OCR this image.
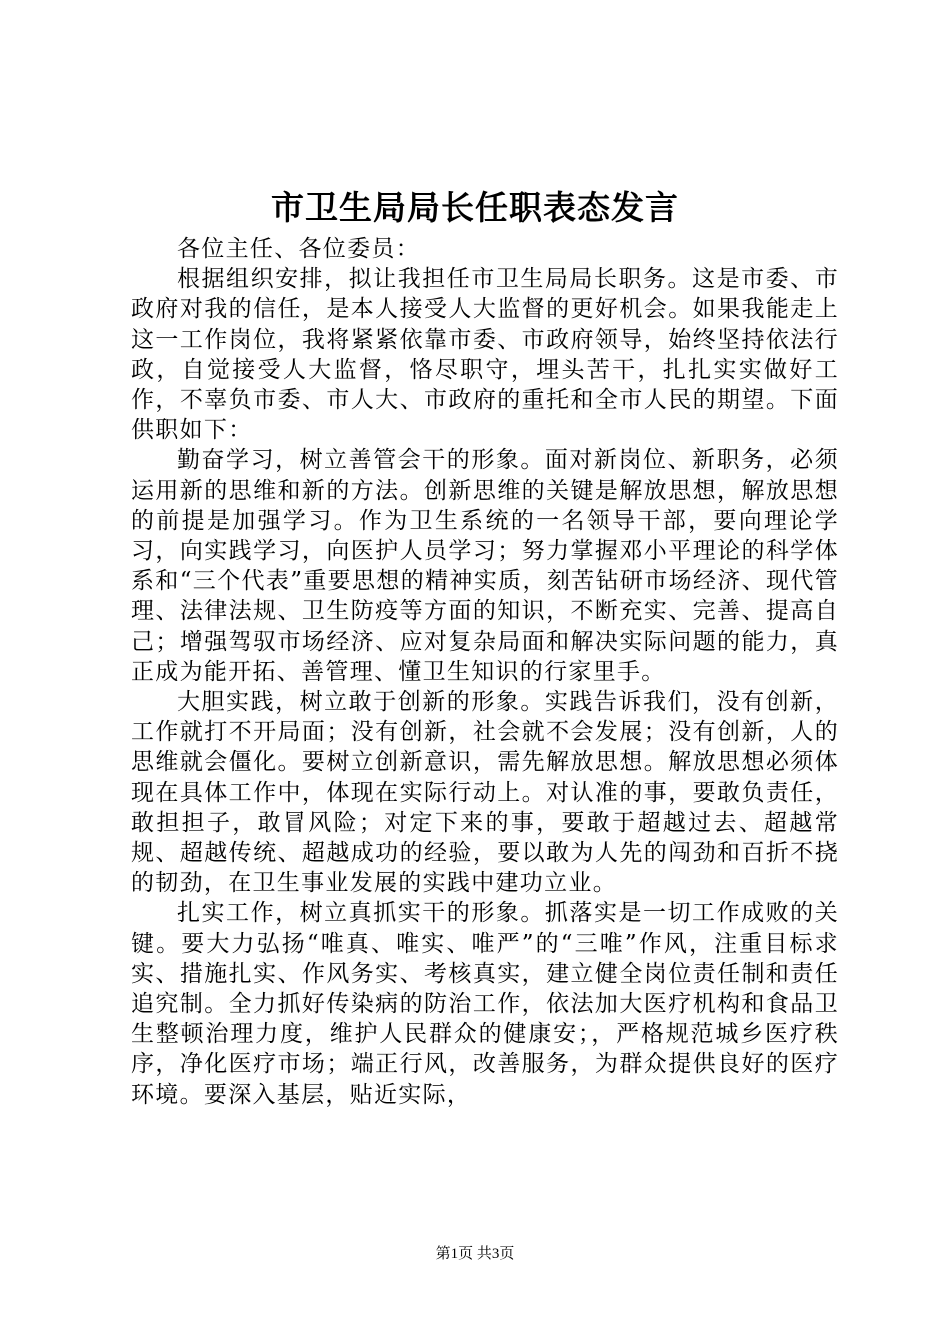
市卫生局局长任职表态发言

各位主任、各位委员：

根据组织安排，拟让我担任市卫生局局长职务。这是市委、市政府对我的信任，是本人接受人大监督的更好机会。如果我能走上这一工作岗位，我将紧紧依靠市委、市政府领导，始终坚持依法行政，自觉接受人大监督，恪尽职守，埋头苦干，扎扎实实做好工作，不辜负市委、市人大、市政府的重托和全市人民的期望。下面供职如下：

勤奋学习，树立善管会干的形象。面对新岗位、新职务，必须运用新的思维和新的方法。创新思维的关键是解放思想，解放思想的前提是加强学习。作为卫生系统的一名领导干部，要向理论学习，向实践学习，向医护人员学习；努力掌握邓小平理论的科学体系和“三个代表”重要思想的精神实质，刻苦钻研市场经济、现代管理、法律法规、卫生防疫等方面的知识，不断充实、完善、提高自己；增强驾驭市场经济、应对复杂局面和解决实际问题的能力，真正成为能开拓、善管理、懂卫生知识的行家里手。

大胆实践，树立敢于创新的形象。实践告诉我们，没有创新，工作就打不开局面；没有创新，社会就不会发展；没有创新，人的思维就会僵化。要树立创新意识，需先解放思想。解放思想必须体现在具体工作中，体现在实际行动上。对认准的事，要敢负责任，敢担担子，敢冒风险；对定下来的事，要敢于超越过去、超越常规、超越传统、超越成功的经验，要以敢为人先的闯劲和百折不挠的韧劲，在卫生事业发展的实践中建功立业。

扎实工作，树立真抓实干的形象。抓落实是一切工作成败的关键。要大力弘扬“唯真、唯实、唯严”的“三唯”作风，注重目标求实、措施扎实、作风务实、考核真实，建立健全岗位责任制和责任追究制。全力抓好传染病的防治工作，依法加大医疗机构和食品卫生整顿治理力度，维护人民群众的健康安；，严格规范城乡医疗秩序，净化医疗市场；端正行风，改善服务，为群众提供良好的医疗环境。要深入基层，贴近实际，

第1页 共3页
